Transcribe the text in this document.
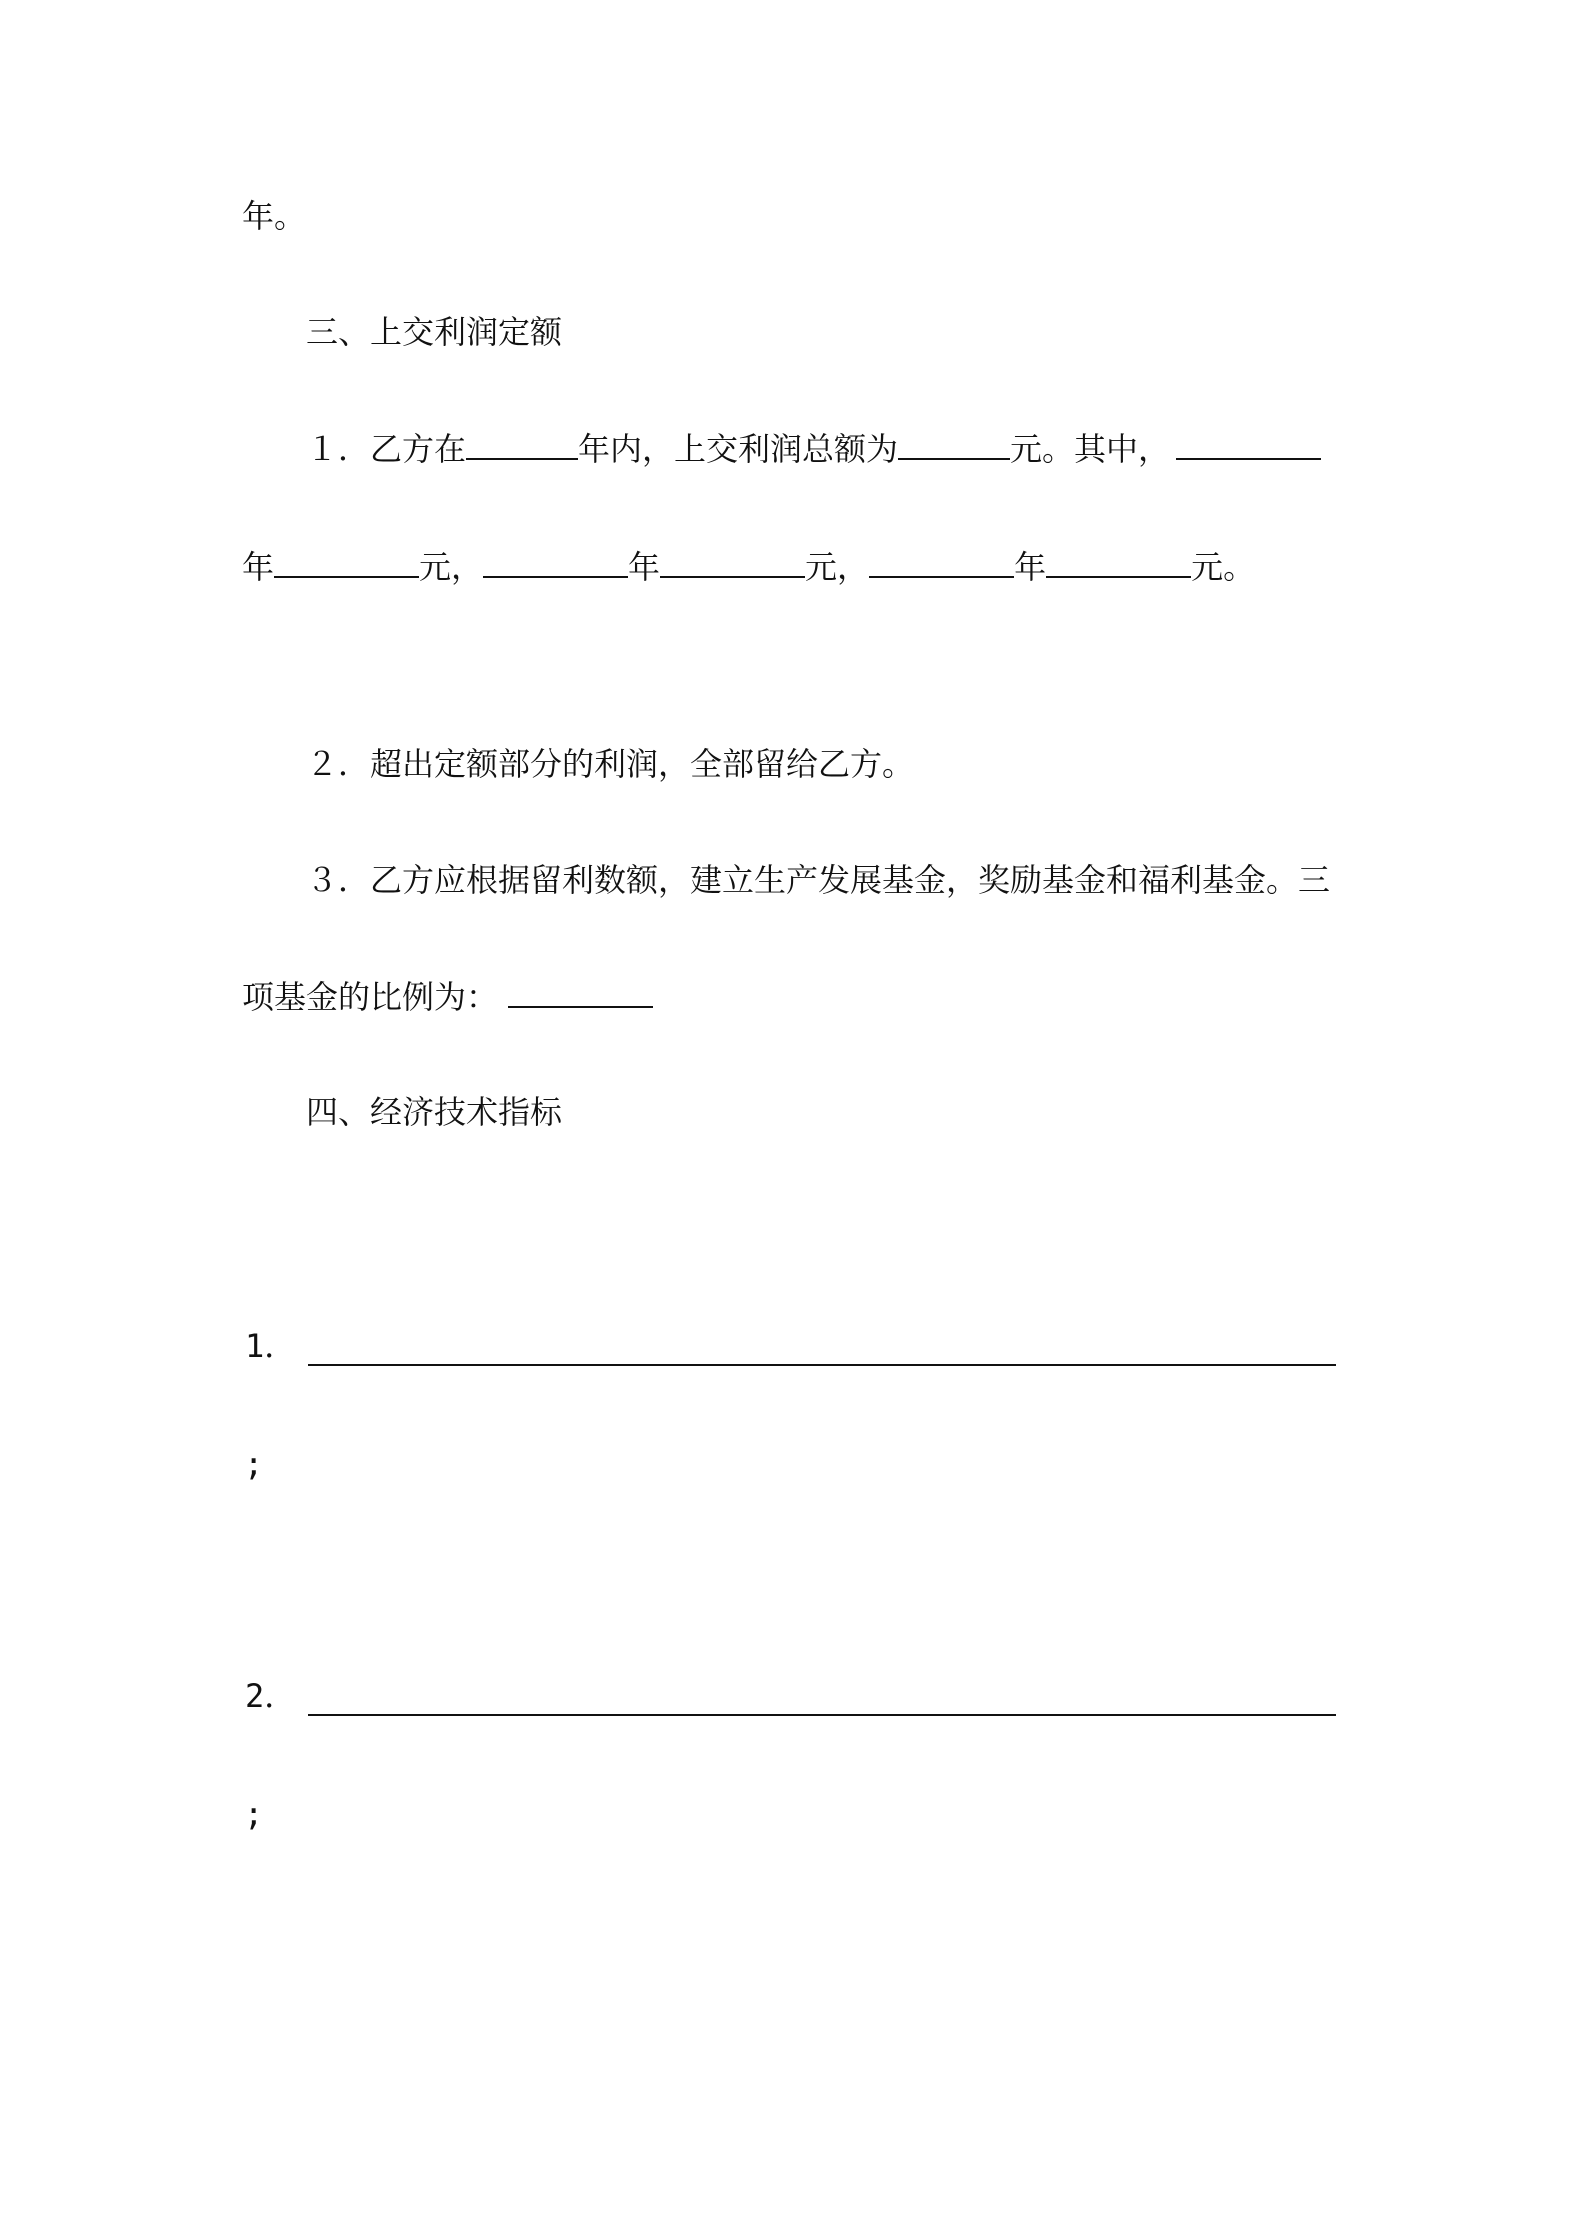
年。
三、上交利润定额
１．乙方在	年内，上交利润总额为	元。其中，
年	元，	年	元，	年	元。
２．超出定额部分的利润，全部留给乙方。
３．乙方应根据留利数额，建立生产发展基金，奖励基金和福利基金。三
项基金的比例为：
四、经济技术指标
1．
;
2．
;
